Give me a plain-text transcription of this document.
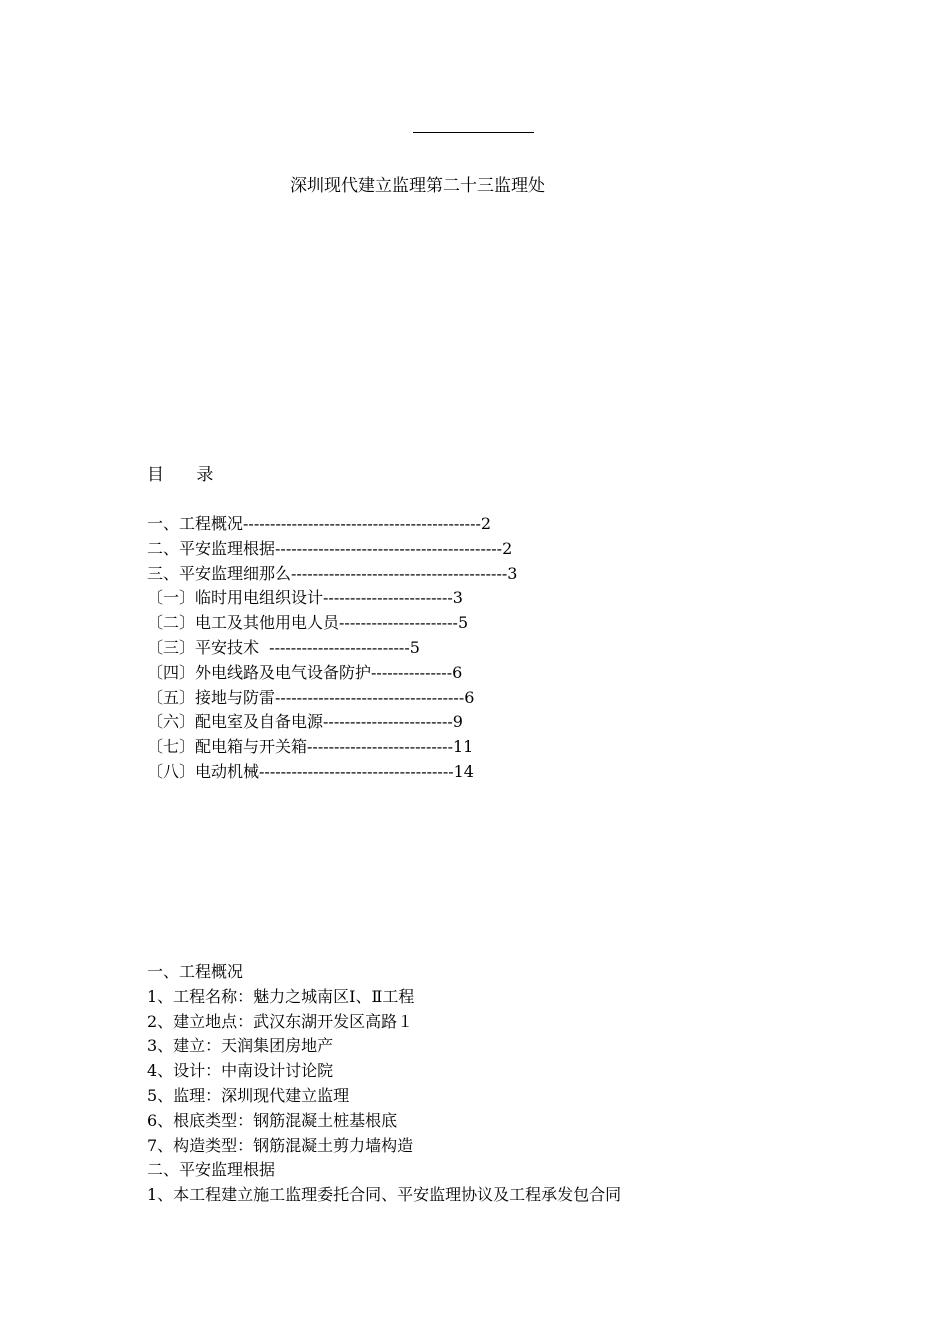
深圳现代建立监理第二十三监理处
目      录
一、工程概况--------------------------------------------2
二、平安监理根据------------------------------------------2
三、平安监理细那么----------------------------------------3
〔一〕临时用电组织设计------------------------3
〔二〕电工及其他用电人员----------------------5
〔三〕平安技术  --------------------------5
〔四〕外电线路及电气设备防护---------------6
〔五〕接地与防雷-----------------------------------6
〔六〕配电室及自备电源------------------------9
〔七〕配电箱与开关箱---------------------------11
〔八〕电动机械------------------------------------14
一、工程概况
1、工程名称：魅力之城南区Ⅰ、Ⅱ工程
2、建立地点：武汉东湖开发区高路１
3、建立：天润集团房地产
4、设计：中南设计讨论院
5、监理：深圳现代建立监理
6、根底类型：钢筋混凝土桩基根底
7、构造类型：钢筋混凝土剪力墙构造
二、平安监理根据
1、本工程建立施工监理委托合同、平安监理协议及工程承发包合同
